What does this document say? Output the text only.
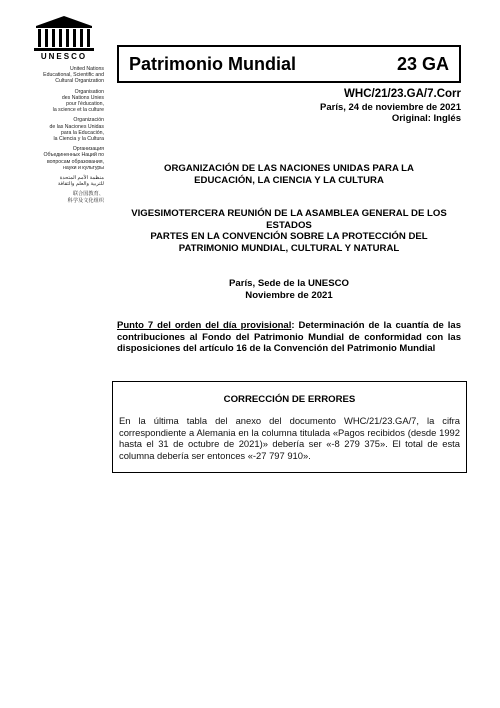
UNESCO
United Nations
Educational, Scientific and
Cultural Organization
Organisation
des Nations Unies
pour l'éducation,
la science et la culture
Organización
de las Naciones Unidas
para la Educación,
la Ciencia y la Cultura
Организация
Объединенных Наций по
вопросам образования,
науки и культуры
منظمة الأمم المتحدة
للتربية والعلم والثقافة
联合国教育、
科学及文化组织
Patrimonio Mundial	23 GA
WHC/21/23.GA/7.Corr
París, 24 de noviembre de 2021
Original: Inglés
ORGANIZACIÓN DE LAS NACIONES UNIDAS PARA LA
EDUCACIÓN, LA CIENCIA Y LA CULTURA
VIGESIMOTERCERA REUNIÓN DE LA ASAMBLEA GENERAL DE LOS
ESTADOS
PARTES EN LA CONVENCIÓN SOBRE LA PROTECCIÓN DEL
PATRIMONIO MUNDIAL, CULTURAL Y NATURAL
París, Sede de la UNESCO
Noviembre de 2021
Punto 7 del orden del día provisional: Determinación de la cuantía de las contribuciones al Fondo del Patrimonio Mundial de conformidad con las disposiciones del artículo 16 de la Convención del Patrimonio Mundial
CORRECCIÓN DE ERRORES
En la última tabla del anexo del documento WHC/21/23.GA/7, la cifra correspondiente a Alemania en la columna titulada «Pagos recibidos (desde 1992 hasta el 31 de octubre de 2021)» debería ser «-8 279 375». El total de esta columna debería ser entonces «-27 797 910».
